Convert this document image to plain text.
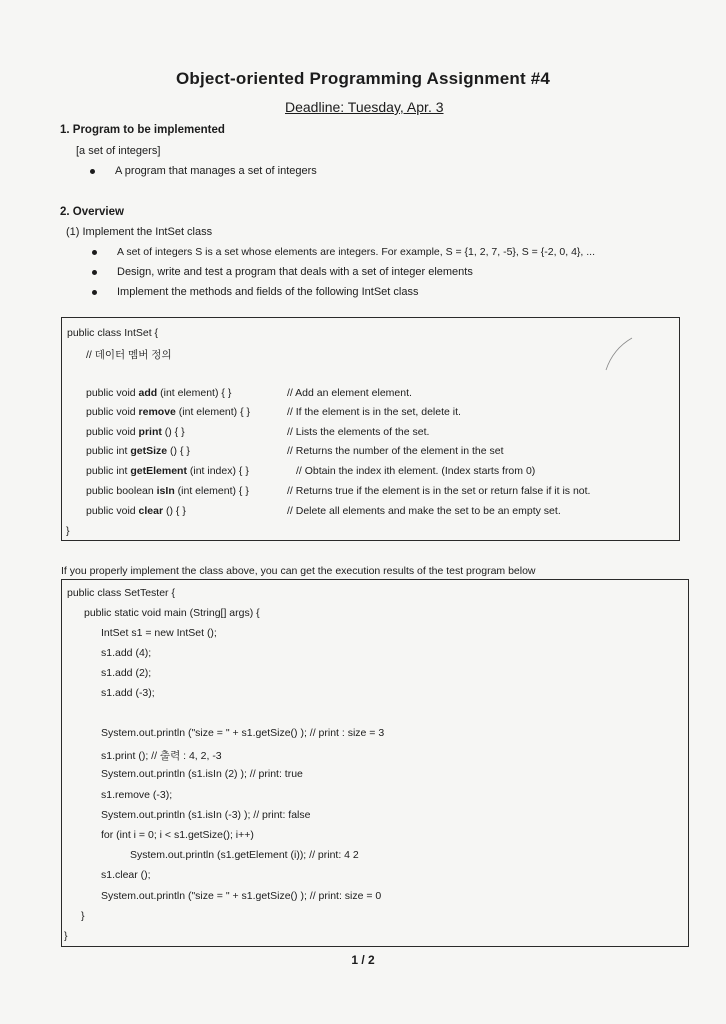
Object-oriented Programming Assignment #4
Deadline: Tuesday, Apr. 3
1. Program to be implemented
[a set of integers]
A program that manages a set of integers
2. Overview
(1) Implement the IntSet class
A set of integers S is a set whose elements are integers. For example, S = {1, 2, 7, -5}, S = {-2, 0, 4}, ...
Design, write and test a program that deals with a set of integer elements
Implement the methods and fields of the following IntSet class
public class IntSet {
// 데이터 멤버 정의
public void add (int element) { }	// Add an element element.
public void remove (int element) { }	// If the element is in the set, delete it.
public void print () { }	// Lists the elements of the set.
public int getSize () { }	// Returns the number of the element in the set
public int getElement (int index) { }	// Obtain the index ith element. (Index starts from 0)
public boolean isIn (int element) { }	// Returns true if the element is in the set or return false if it is not.
public void clear () { }	// Delete all elements and make the set to be an empty set.
}
If you properly implement the class above, you can get the execution results of the test program below
public class SetTester {
public static void main (String[] args) {
IntSet s1 = new IntSet ();
s1.add (4);
s1.add (2);
s1.add (-3);
System.out.println ("size = " + s1.getSize() ); // print : size = 3
s1.print (); // 출력 : 4, 2, -3
System.out.println (s1.isIn (2) ); // print: true
s1.remove (-3);
System.out.println (s1.isIn (-3) ); // print: false
for (int i = 0; i < s1.getSize(); i++)
System.out.println (s1.getElement (i)); // print: 4 2
s1.clear ();
System.out.println ("size = " + s1.getSize() ); // print: size = 0
}
}
1 / 2
